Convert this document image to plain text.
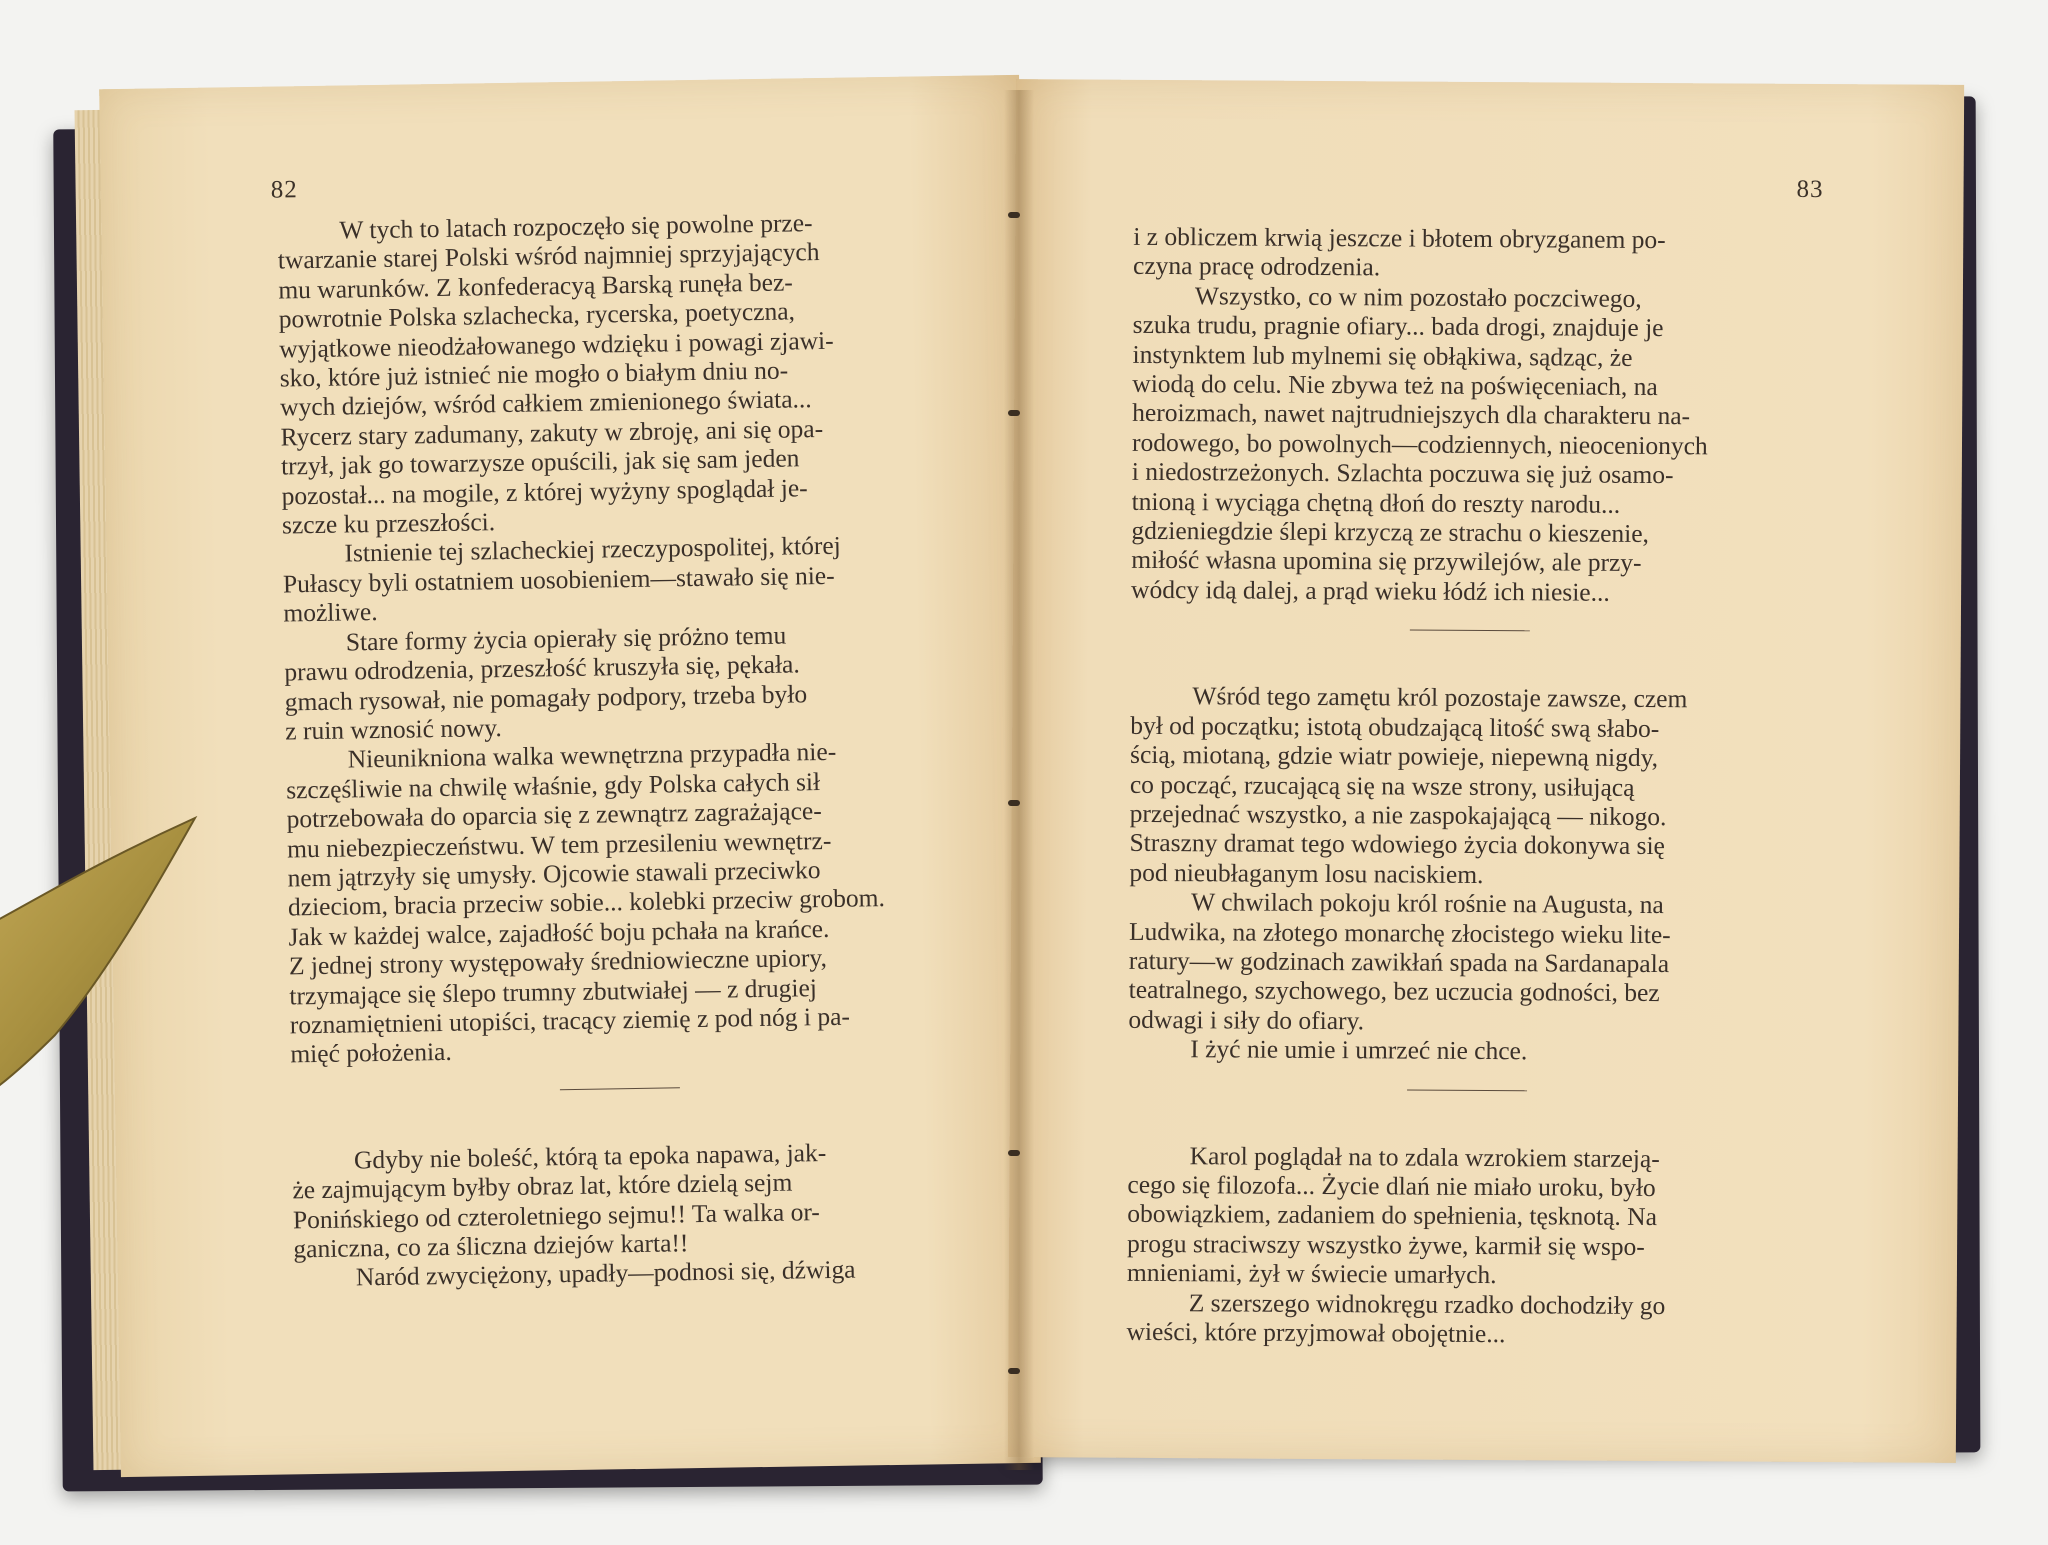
82

W tych to latach rozpoczęło się powolne prze-
twarzanie starej Polski wśród najmniej sprzyjających
mu warunków. Z konfederacyą Barską runęła bez-
powrotnie Polska szlachecka, rycerska, poetyczna,
wyjątkowe nieodżałowanego wdzięku i powagi zjawi-
sko, które już istnieć nie mogło o białym dniu no-
wych dziejów, wśród całkiem zmienionego świata...
Rycerz stary zadumany, zakuty w zbroję, ani się opa-
trzył, jak go towarzysze opuścili, jak się sam jeden
pozostał... na mogile, z której wyżyny spoglądał je-
szcze ku przeszłości.

Istnienie tej szlacheckiej rzeczypospolitej, której
Pułascy byli ostatniem uosobieniem—stawało się nie-
możliwe.

Stare formy życia opierały się próżno temu
prawu odrodzenia, przeszłość kruszyła się, pękała.
gmach rysował, nie pomagały podpory, trzeba było
z ruin wznosić nowy.

Nieunikniona walka wewnętrzna przypadła nie-
szczęśliwie na chwilę właśnie, gdy Polska całych sił
potrzebowała do oparcia się z zewnątrz zagrażające-
mu niebezpieczeństwu. W tem przesileniu wewnętrz-
nem jątrzyły się umysły. Ojcowie stawali przeciwko
dzieciom, bracia przeciw sobie... kolebki przeciw grobom.
Jak w każdej walce, zajadłość boju pchała na krańce.
Z jednej strony występowały średniowieczne upiory,
trzymające się ślepo trumny zbutwiałej — z drugiej
roznamiętnieni utopiści, tracący ziemię z pod nóg i pa-
mięć położenia.

Gdyby nie boleść, którą ta epoka napawa, jak-
że zajmującym byłby obraz lat, które dzielą sejm
Ponińskiego od czteroletniego sejmu!! Ta walka or-
ganiczna, co za śliczna dziejów karta!!

Naród zwyciężony, upadły—podnosi się, dźwiga

83

i z obliczem krwią jeszcze i błotem obryzganem po-
czyna pracę odrodzenia.

Wszystko, co w nim pozostało poczciwego,
szuka trudu, pragnie ofiary... bada drogi, znajduje je
instynktem lub mylnemi się obłąkiwa, sądząc, że
wiodą do celu. Nie zbywa też na poświęceniach, na
heroizmach, nawet najtrudniejszych dla charakteru na-
rodowego, bo powolnych—codziennych, nieocenionych
i niedostrzeżonych. Szlachta poczuwa się już osamo-
tnioną i wyciąga chętną dłoń do reszty narodu...
gdzieniegdzie ślepi krzyczą ze strachu o kieszenie,
miłość własna upomina się przywilejów, ale przy-
wódcy idą dalej, a prąd wieku łódź ich niesie...

Wśród tego zamętu król pozostaje zawsze, czem
był od początku; istotą obudzającą litość swą słabo-
ścią, miotaną, gdzie wiatr powieje, niepewną nigdy,
co począć, rzucającą się na wsze strony, usiłującą
przejednać wszystko, a nie zaspokajającą — nikogo.
Straszny dramat tego wdowiego życia dokonywa się
pod nieubłaganym losu naciskiem.

W chwilach pokoju król rośnie na Augusta, na
Ludwika, na złotego monarchę złocistego wieku lite-
ratury—w godzinach zawikłań spada na Sardanapala
teatralnego, szychowego, bez uczucia godności, bez
odwagi i siły do ofiary.

I żyć nie umie i umrzeć nie chce.

Karol poglądał na to zdala wzrokiem starzeją-
cego się filozofa... Życie dlań nie miało uroku, było
obowiązkiem, zadaniem do spełnienia, tęsknotą. Na
progu straciwszy wszystko żywe, karmił się wspo-
mnieniami, żył w świecie umarłych.

Z szerszego widnokręgu rzadko dochodziły go
wieści, które przyjmował obojętnie...
